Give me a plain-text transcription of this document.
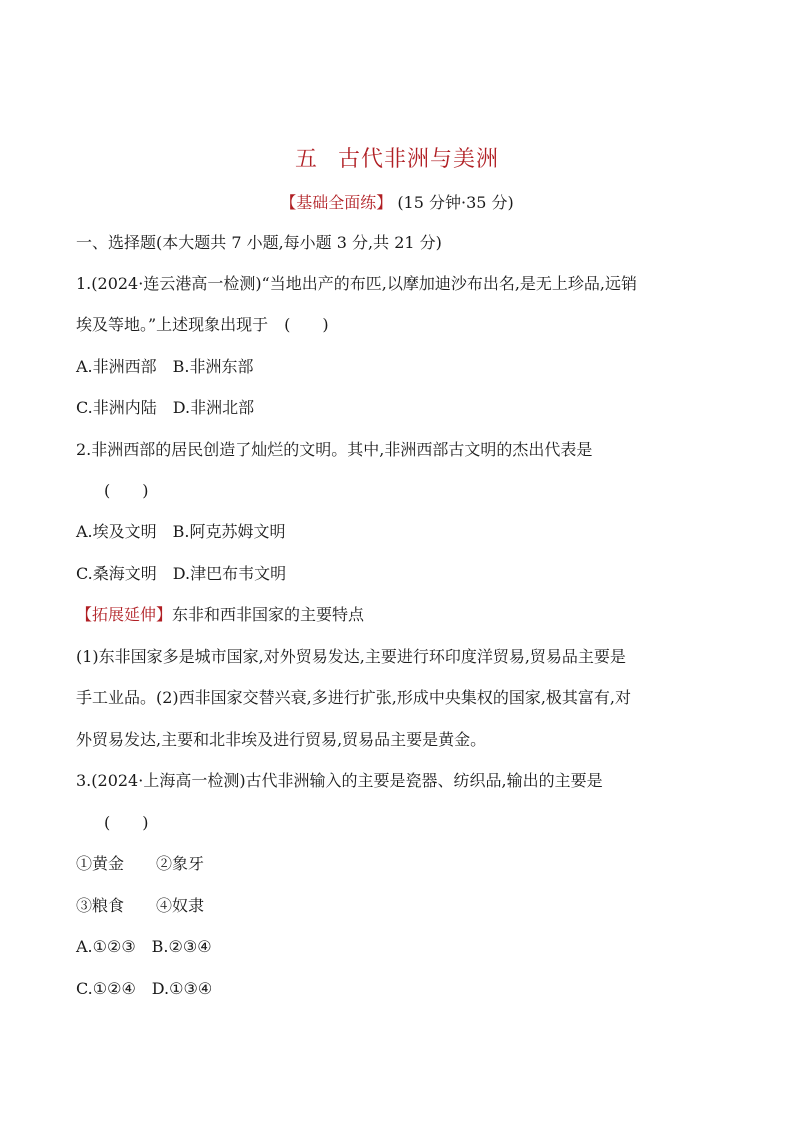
五 古代非洲与美洲
【基础全面练】 (15 分钟·35 分)
一、选择题(本大题共 7 小题,每小题 3 分,共 21 分)
1.(2024·连云港高一检测)“当地出产的布匹,以摩加迪沙布出名,是无上珍品,远销
埃及等地。”上述现象出现于　(　　)
A.非洲西部　B.非洲东部
C.非洲内陆　D.非洲北部
2.非洲西部的居民创造了灿烂的文明。其中,非洲西部古文明的杰出代表是
(　　)
A.埃及文明　B.阿克苏姆文明
C.桑海文明　D.津巴布韦文明
【拓展延伸】东非和西非国家的主要特点
(1)东非国家多是城市国家,对外贸易发达,主要进行环印度洋贸易,贸易品主要是
手工业品。(2)西非国家交替兴衰,多进行扩张,形成中央集权的国家,极其富有,对
外贸易发达,主要和北非埃及进行贸易,贸易品主要是黄金。
3.(2024·上海高一检测)古代非洲输入的主要是瓷器、纺织品,输出的主要是
(　　)
①黄金　　②象牙
③粮食　　④奴隶
A.①②③　B.②③④
C.①②④　D.①③④
